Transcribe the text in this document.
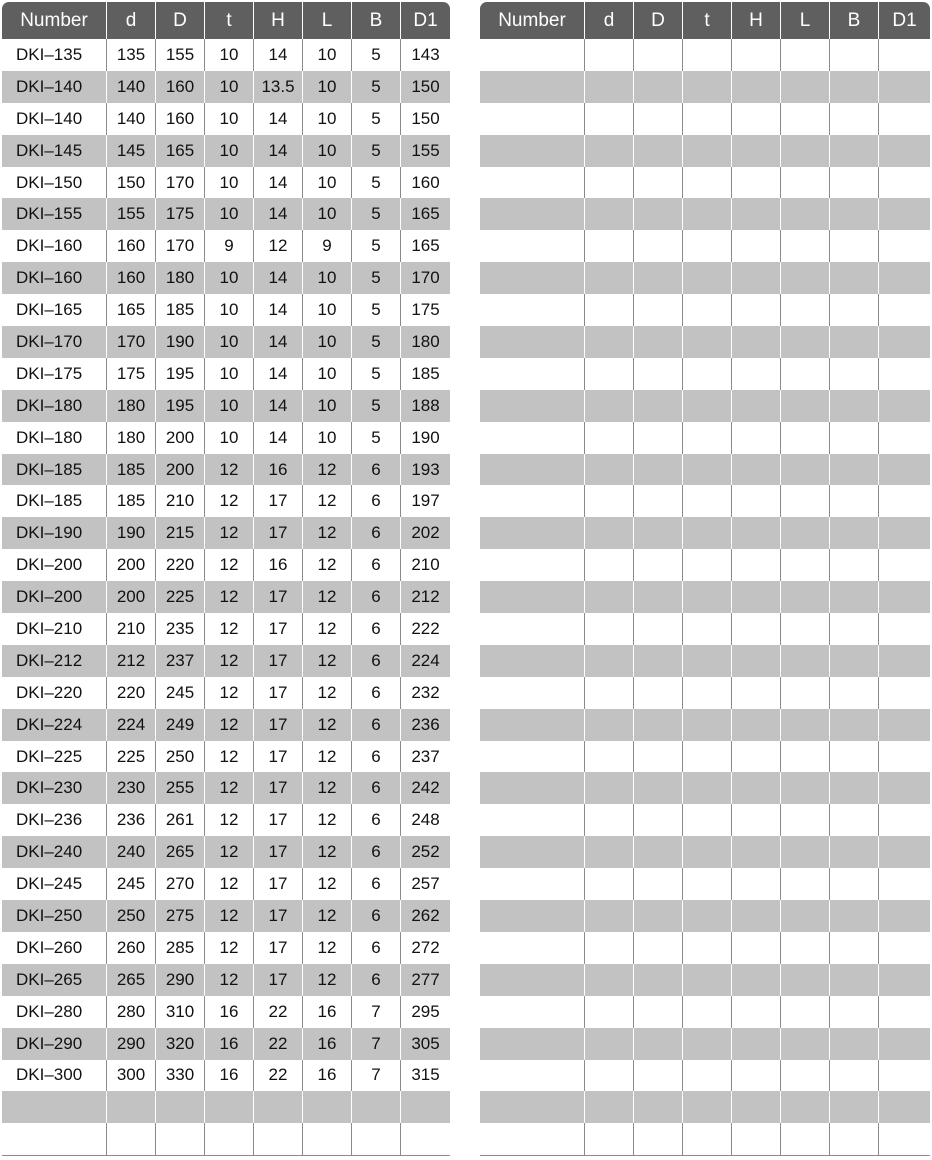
Number	d	D	t	H	L	B	D1
DKI–135	135	155	10	14	10	5	143
DKI–140	140	160	10	13.5	10	5	150
DKI–140	140	160	10	14	10	5	150
DKI–145	145	165	10	14	10	5	155
DKI–150	150	170	10	14	10	5	160
DKI–155	155	175	10	14	10	5	165
DKI–160	160	170	9	12	9	5	165
DKI–160	160	180	10	14	10	5	170
DKI–165	165	185	10	14	10	5	175
DKI–170	170	190	10	14	10	5	180
DKI–175	175	195	10	14	10	5	185
DKI–180	180	195	10	14	10	5	188
DKI–180	180	200	10	14	10	5	190
DKI–185	185	200	12	16	12	6	193
DKI–185	185	210	12	17	12	6	197
DKI–190	190	215	12	17	12	6	202
DKI–200	200	220	12	16	12	6	210
DKI–200	200	225	12	17	12	6	212
DKI–210	210	235	12	17	12	6	222
DKI–212	212	237	12	17	12	6	224
DKI–220	220	245	12	17	12	6	232
DKI–224	224	249	12	17	12	6	236
DKI–225	225	250	12	17	12	6	237
DKI–230	230	255	12	17	12	6	242
DKI–236	236	261	12	17	12	6	248
DKI–240	240	265	12	17	12	6	252
DKI–245	245	270	12	17	12	6	257
DKI–250	250	275	12	17	12	6	262
DKI–260	260	285	12	17	12	6	272
DKI–265	265	290	12	17	12	6	277
DKI–280	280	310	16	22	16	7	295
DKI–290	290	320	16	22	16	7	305
DKI–300	300	330	16	22	16	7	315

Number	d	D	t	H	L	B	D1
